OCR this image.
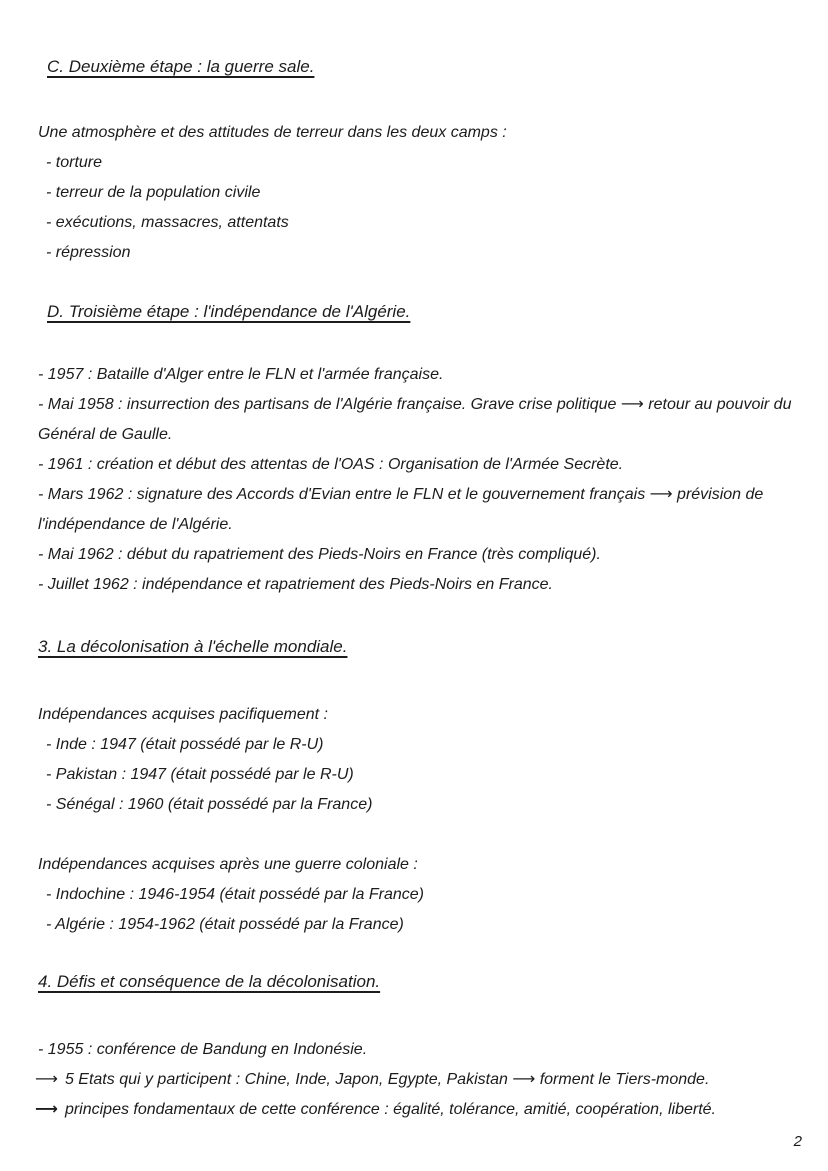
C. Deuxième étape : la guerre sale.
Une atmosphère et des attitudes de terreur dans les deux camps :
- torture
- terreur de la population civile
- exécutions, massacres, attentats
- répression
D. Troisième étape : l'indépendance de l'Algérie.
- 1957 : Bataille d'Alger entre le FLN et l'armée française.
- Mai 1958 : insurrection des partisans de l'Algérie française. Grave crise politique ⟶ retour au pouvoir du
Général de Gaulle.
- 1961 : création et début des attentas de l'OAS : Organisation de l'Armée Secrète.
- Mars 1962 : signature des Accords d'Evian entre le FLN et le gouvernement français ⟶ prévision de
l'indépendance de l'Algérie.
- Mai 1962 : début du rapatriement des Pieds-Noirs en France (très compliqué).
- Juillet 1962 : indépendance et rapatriement des Pieds-Noirs en France.
3. La décolonisation à l'échelle mondiale.
Indépendances acquises pacifiquement :
- Inde : 1947 (était possédé par le R-U)
- Pakistan : 1947 (était possédé par le R-U)
- Sénégal : 1960 (était possédé par la France)
Indépendances acquises après une guerre coloniale :
- Indochine : 1946-1954 (était possédé par la France)
- Algérie : 1954-1962 (était possédé par la France)
4. Défis et conséquence de la décolonisation.
- 1955 : conférence de Bandung en Indonésie.
⟶ 5 Etats qui y participent : Chine, Inde, Japon, Egypte, Pakistan ⟶ forment le Tiers-monde.
⟶ principes fondamentaux de cette conférence : égalité, tolérance, amitié, coopération, liberté.
2
